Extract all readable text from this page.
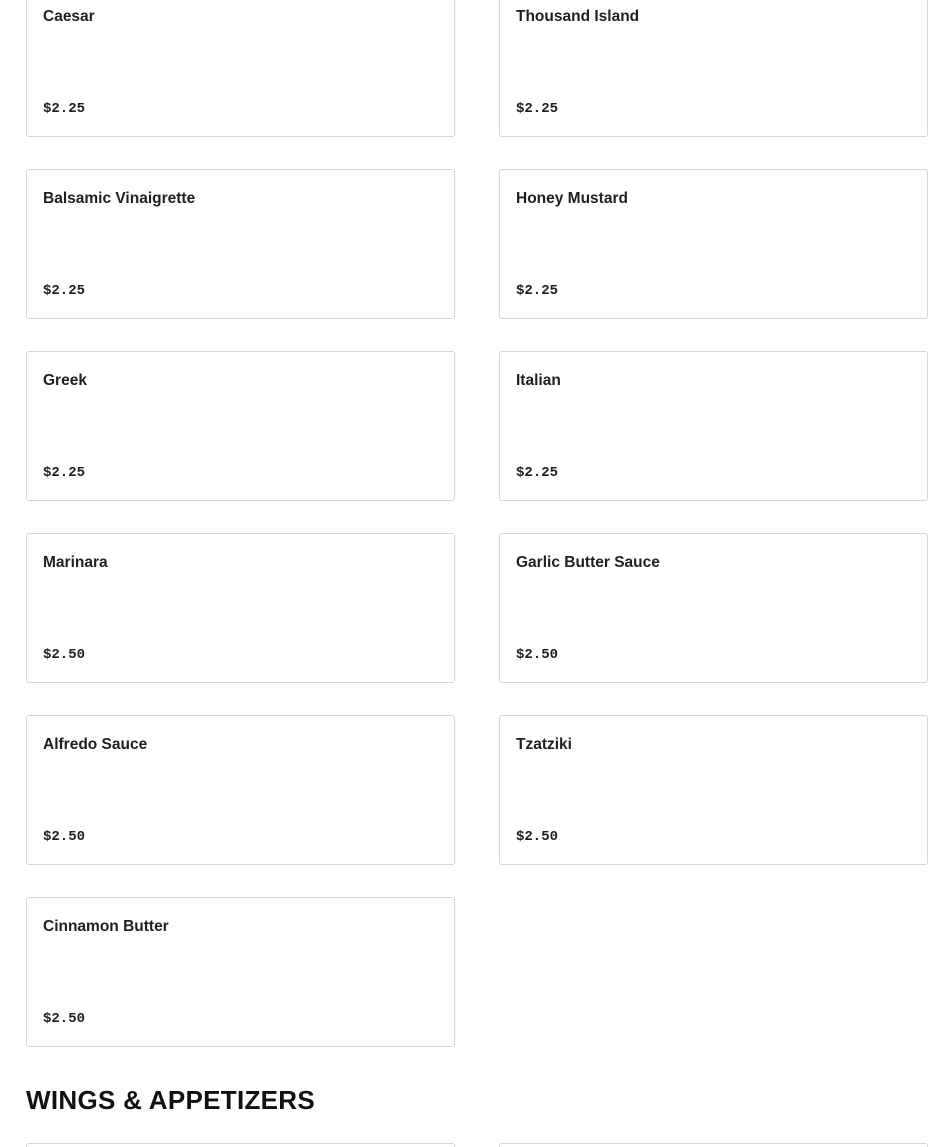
Caesar
$2.25
Thousand Island
$2.25
Balsamic Vinaigrette
$2.25
Honey Mustard
$2.25
Greek
$2.25
Italian
$2.25
Marinara
$2.50
Garlic Butter Sauce
$2.50
Alfredo Sauce
$2.50
Tzatziki
$2.50
Cinnamon Butter
$2.50
WINGS & APPETIZERS
